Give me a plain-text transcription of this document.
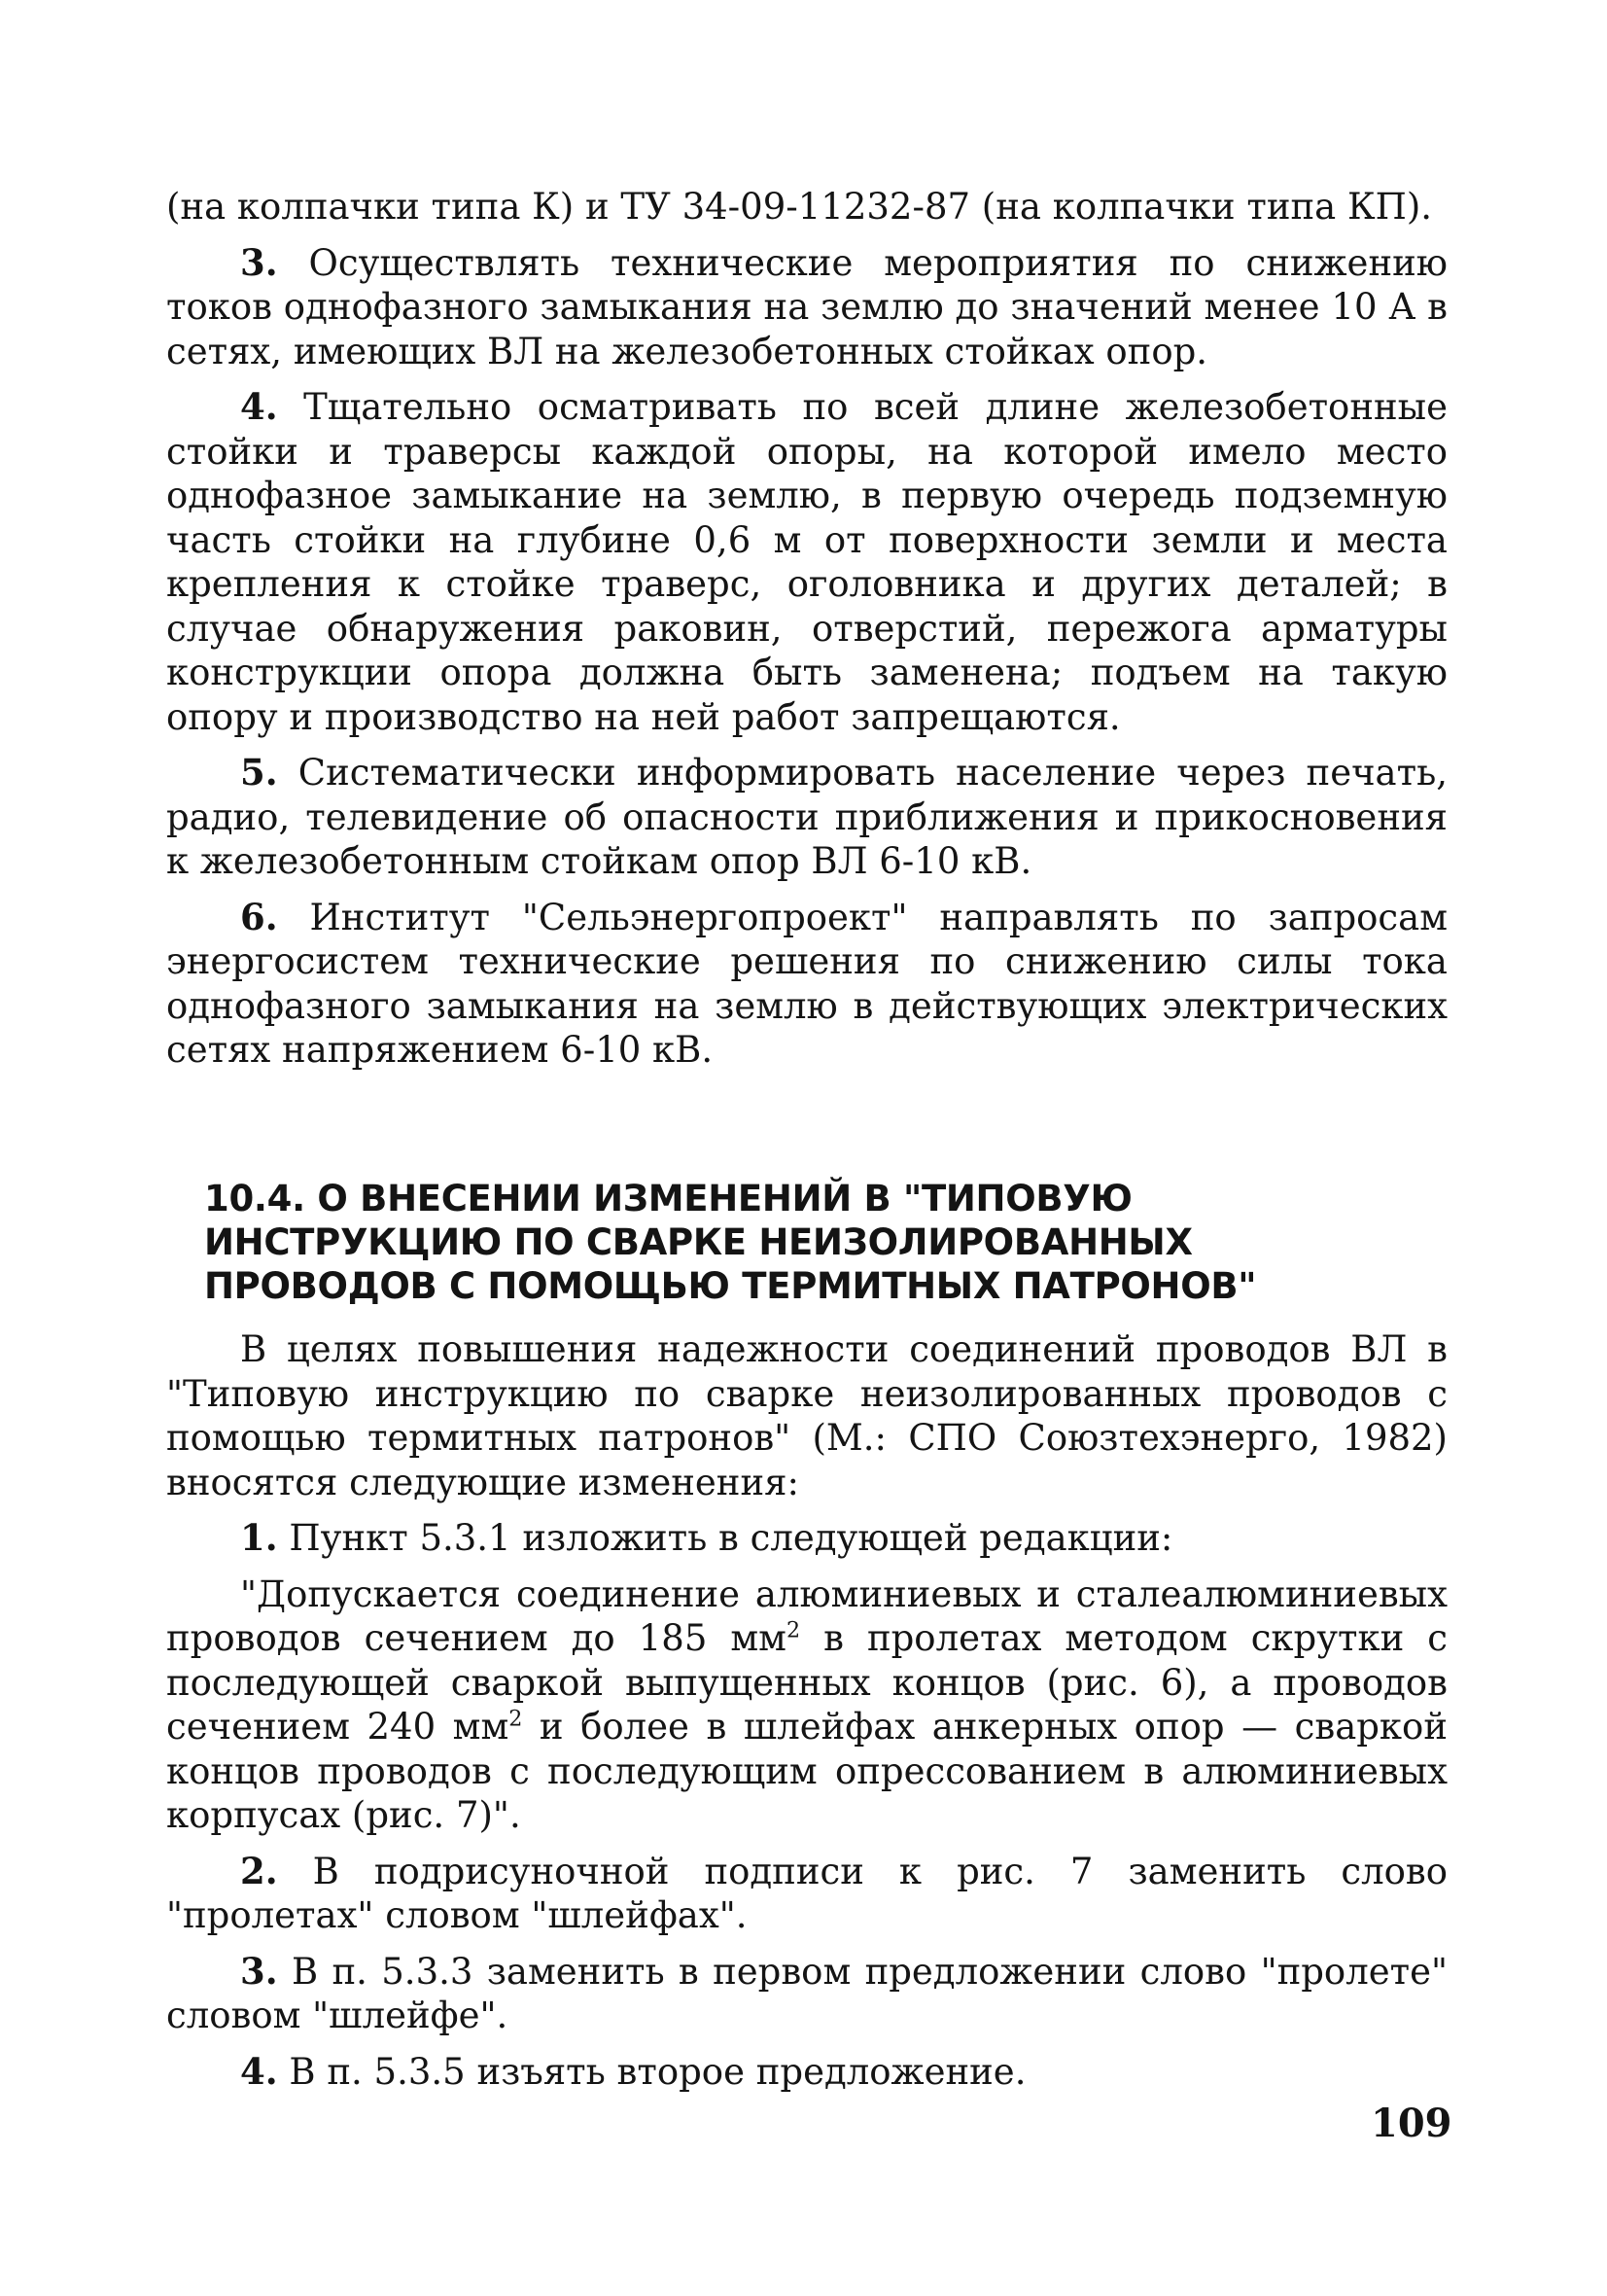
(на колпачки типа К) и ТУ 34-09-11232-87 (на колпачки типа КП).

3. Осуществлять технические мероприятия по снижению токов однофазного замыкания на землю до значений менее 10 А в сетях, имеющих ВЛ на железобетонных стойках опор.

4. Тщательно осматривать по всей длине железобетонные стойки и траверсы каждой опоры, на которой имело место однофазное замыкание на землю, в первую очередь подземную часть стойки на глубине 0,6 м от поверхности земли и места крепления к стойке траверс, оголовника и других деталей; в случае обнаружения раковин, отверстий, пережога арматуры конструкции опора должна быть заменена; подъем на такую опору и производство на ней работ запрещаются.

5. Систематически информировать население через печать, радио, телевидение об опасности приближения и прикосновения к железобетонным стойкам опор ВЛ 6-10 кВ.

6. Институт "Сельэнергопроект" направлять по запросам энергосистем технические решения по снижению силы тока однофазного замыкания на землю в действующих электрических сетях напряжением 6-10 кВ.

10.4. О ВНЕСЕНИИ ИЗМЕНЕНИЙ В "ТИПОВУЮ ИНСТРУКЦИЮ ПО СВАРКЕ НЕИЗОЛИРОВАННЫХ ПРОВОДОВ С ПОМОЩЬЮ ТЕРМИТНЫХ ПАТРОНОВ"

В целях повышения надежности соединений проводов ВЛ в "Типовую инструкцию по сварке неизолированных проводов с помощью термитных патронов" (М.: СПО Союзтехэнерго, 1982) вносятся следующие изменения:

1. Пункт 5.3.1 изложить в следующей редакции:

"Допускается соединение алюминиевых и сталеалюминиевых проводов сечением до 185 $мм^2$ в пролетах методом скрутки с последующей сваркой выпущенных концов (рис. 6), а проводов сечением 240 $мм^2$ и более в шлейфах анкерных опор — сваркой концов проводов с последующим опрессованием в алюминиевых корпусах (рис. 7)".

2. В подрисуночной подписи к рис. 7 заменить слово "пролетах" словом "шлейфах".

3. В п. 5.3.3 заменить в первом предложении слово "пролете" словом "шлейфе".

4. В п. 5.3.5 изъять второе предложение.

109
